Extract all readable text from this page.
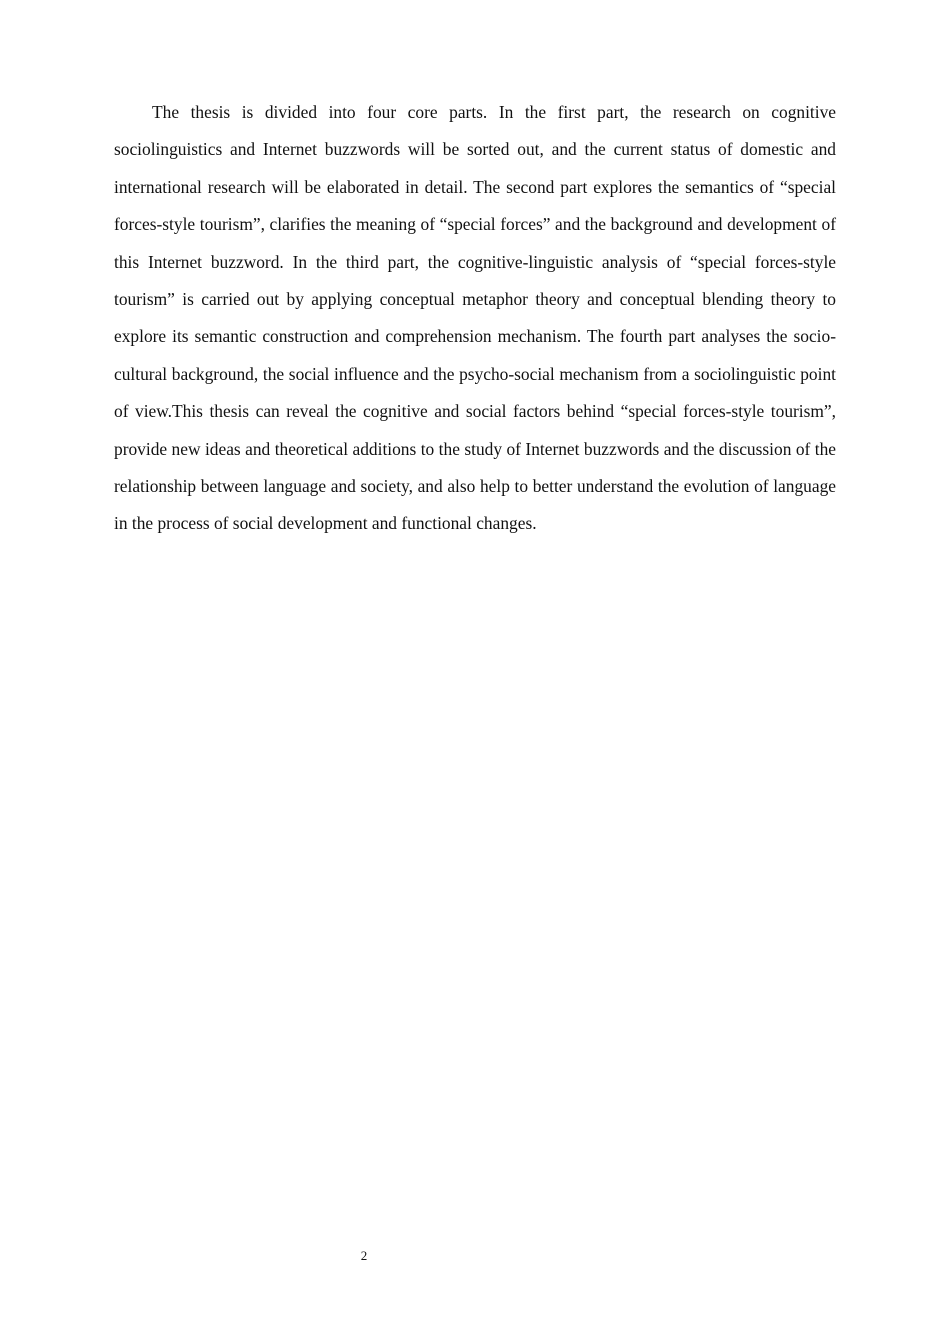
The thesis is divided into four core parts. In the first part, the research on cognitive sociolinguistics and Internet buzzwords will be sorted out, and the current status of domestic and international research will be elaborated in detail. The second part explores the semantics of “special forces-style tourism”, clarifies the meaning of “special forces” and the background and development of this Internet buzzword. In the third part, the cognitive-linguistic analysis of “special forces-style tourism” is carried out by applying conceptual metaphor theory and conceptual blending theory to explore its semantic construction and comprehension mechanism. The fourth part analyses the socio-cultural background, the social influence and the psycho-social mechanism from a sociolinguistic point of view.This thesis can reveal the cognitive and social factors behind “special forces-style tourism”, provide new ideas and theoretical additions to the study of Internet buzzwords and the discussion of the relationship between language and society, and also help to better understand the evolution of language in the process of social development and functional changes.

2
